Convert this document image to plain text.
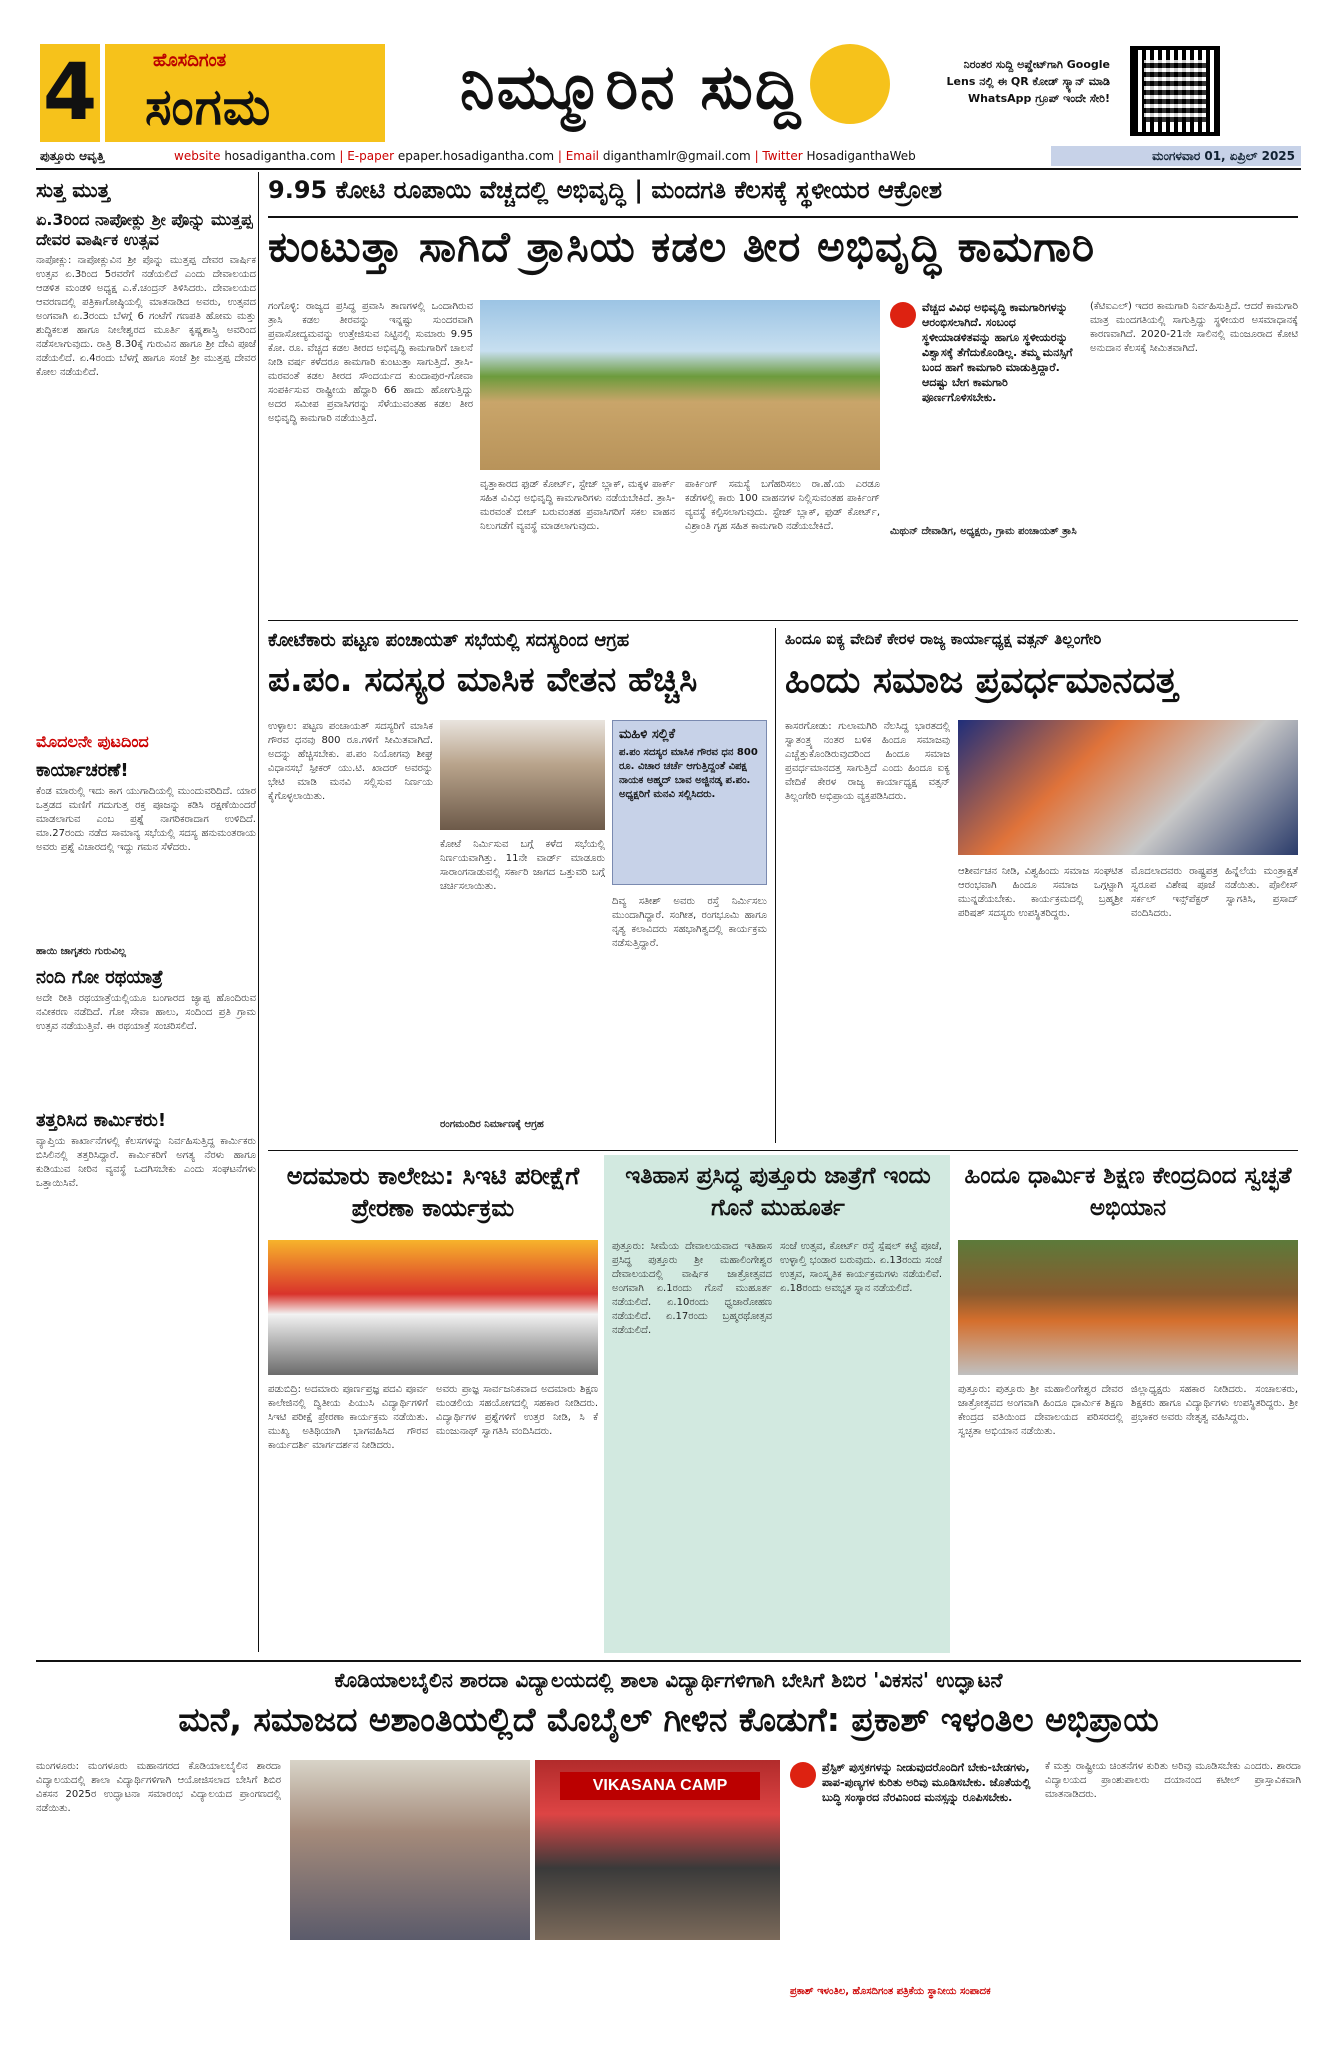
4	ಹೊಸದಿಗಂತ
ಸಂಗಮ	ನಿಮ್ಮೂರಿನ ಸುದ್ದಿ	ನಿರಂತರ ಸುದ್ದಿ ಅಪ್ಡೇಟ್‌ಗಾಗಿ Google Lens ನಲ್ಲಿ ಈ QR ಕೋಡ್ ಸ್ಕ್ಯಾನ್ ಮಾಡಿ WhatsApp ಗ್ರೂಪ್ ಇಂದೇ ಸೇರಿ!
ಪುತ್ತೂರು ಆವೃತ್ತಿ	website hosadigantha.com | E-paper epaper.hosadigantha.com | Email diganthamlr@gmail.com | Twitter HosadiganthaWeb	ಮಂಗಳವಾರ 01, ಏಪ್ರಿಲ್ 2025
ಸುತ್ತ ಮುತ್ತ
ಏ.3ರಿಂದ ನಾಪೋಕ್ಲು ಶ್ರೀ ಪೊನ್ನು ಮುತ್ತಪ್ಪ ದೇವರ ವಾರ್ಷಿಕ ಉತ್ಸವ
ನಾಪೋಕ್ಲು: ನಾಪೋಕ್ಲುವಿನ ಶ್ರೀ ಪೊನ್ನು ಮುತ್ತಪ್ಪ ದೇವರ ವಾರ್ಷಿಕ ಉತ್ಸವ ಏ.3ರಿಂದ 5ರವರೆಗೆ ನಡೆಯಲಿದೆ ಎಂದು ದೇವಾಲಯದ ಆಡಳಿತ ಮಂಡಳಿ ಅಧ್ಯಕ್ಷ ಎ.ಕೆ.ಚಂದ್ರನ್ ತಿಳಿಸಿದರು. ದೇವಾಲಯದ ಆವರಣದಲ್ಲಿ ಪತ್ರಿಕಾಗೋಷ್ಠಿಯಲ್ಲಿ ಮಾತನಾಡಿದ ಅವರು, ಉತ್ಸವದ ಅಂಗವಾಗಿ ಏ.3ರಂದು ಬೆಳಗ್ಗೆ 6 ಗಂಟೆಗೆ ಗಣಪತಿ ಹೋಮ ಮತ್ತು ಶುದ್ಧಿಕಲಶ ಹಾಗೂ ನೀಲೇಶ್ವರದ ಮೂರ್ತಿ ಕೃಷ್ಣಶಾಸ್ತ್ರಿ ಅವರಿಂದ ನಡೆಸಲಾಗುವುದು. ರಾತ್ರಿ 8.30ಕ್ಕೆ ಗುರುವಿನ ಹಾಗೂ ಶ್ರೀ ದೇವಿ ಪೂಜೆ ನಡೆಯಲಿದೆ. ಏ.4ರಂದು ಬೆಳಗ್ಗೆ ಹಾಗೂ ಸಂಜೆ ಶ್ರೀ ಮುತ್ತಪ್ಪ ದೇವರ ಕೋಲ ನಡೆಯಲಿದೆ.
ಮೊದಲನೇ ಪುಟದಿಂದ
ಕಾರ್ಯಾಚರಣೆ!
ಕೆಂಡ ಮಾರುಲ್ಲಿ ಇದು ಕಾಗ ಯುಗಾದಿಯಲ್ಲಿ ಮುಂದುವರಿದಿದೆ. ಯಾರ ಒತ್ತಡದ ಮಣಿಗೆ ಗದುಗುತ್ತ ರಕ್ತ ಪೂಜನ್ನು ಕಡಿಸಿ ರಕ್ಷಣೆಯಿಂದರೆ ಮಾಡಲಾಗುವ ಎಂಬ ಪ್ರಶ್ನೆ ನಾಗರಿಕರಾದಾಗ ಉಳಿದಿದೆ. ಮಾ.27ರಂದು ನಡೆದ ಸಾಮಾನ್ಯ ಸಭೆಯಲ್ಲಿ ಸದಸ್ಯ ಹನುಮಂತರಾಯ ಅವರು ಪ್ರಶ್ನೆ ವಿಚಾರದಲ್ಲಿ ಇದ್ದು ಗಮನ ಸೆಳೆದರು.
ಹಾಯಿ ಜಾಗೃತರು ಗುರುವಿಲ್ಲ
ನಂದಿ ಗೋ ರಥಯಾತ್ರೆ
ಅದೇ ರೀತಿ ರಥಯಾತ್ರೆಯಲ್ಲಿಯೂ ಬಂಗಾರದ ಜ್ಯಾಪ್ಪ ಹೊಂದಿರುವ ನವೀಕರಣ ನಡೆದಿದೆ. ಗೋ ಸೇವಾ ಹಾಲು, ಸಂದಿಂದ ಪ್ರತಿ ಗ್ರಾಮ ಉತ್ಸವ ನಡೆಯುತ್ತಿವೆ. ಈ ರಥಯಾತ್ರೆ ಸಂಚರಿಸಲಿದೆ.
ತತ್ತರಿಸಿದ ಕಾರ್ಮಿಕರು!
ವ್ಯಾಪ್ತಿಯ ಕಾರ್ಖಾನೆಗಳಲ್ಲಿ ಕೆಲಸಗಳನ್ನು ನಿರ್ವಹಿಸುತ್ತಿದ್ದ ಕಾರ್ಮಿಕರು ಬಿಸಿಲಿನಲ್ಲಿ ತತ್ತರಿಸಿದ್ದಾರೆ. ಕಾರ್ಮಿಕರಿಗೆ ಅಗತ್ಯ ನೆರಳು ಹಾಗೂ ಕುಡಿಯುವ ನೀರಿನ ವ್ಯವಸ್ಥೆ ಒದಗಿಸಬೇಕು ಎಂದು ಸಂಘಟನೆಗಳು ಒತ್ತಾಯಿಸಿವೆ.
9.95 ಕೋಟಿ ರೂಪಾಯಿ ವೆಚ್ಚದಲ್ಲಿ ಅಭಿವೃದ್ಧಿ | ಮಂದಗತಿ ಕೆಲಸಕ್ಕೆ ಸ್ಥಳೀಯರ ಆಕ್ರೋಶ
ಕುಂಟುತ್ತಾ ಸಾಗಿದೆ ತ್ರಾಸಿಯ ಕಡಲ ತೀರ ಅಭಿವೃದ್ಧಿ ಕಾಮಗಾರಿ
ಗಂಗೊಳ್ಳಿ: ರಾಜ್ಯದ ಪ್ರಸಿದ್ಧ ಪ್ರವಾಸಿ ತಾಣಗಳಲ್ಲಿ ಒಂದಾಗಿರುವ ತ್ರಾಸಿ ಕಡಲ ತೀರವನ್ನು ಇನ್ನಷ್ಟು ಸುಂದರವಾಗಿ ಪ್ರವಾಸೋದ್ಯಮವನ್ನು ಉತ್ತೇಜಿಸುವ ನಿಟ್ಟಿನಲ್ಲಿ ಸುಮಾರು 9.95 ಕೋ. ರೂ. ವೆಚ್ಚದ ಕಡಲ ತೀರದ ಅಭಿವೃದ್ಧಿ ಕಾಮಗಾರಿಗೆ ಚಾಲನೆ ನೀಡಿ ವರ್ಷ ಕಳೆದರೂ ಕಾಮಗಾರಿ ಕುಂಟುತ್ತಾ ಸಾಗುತ್ತಿದೆ. ತ್ರಾಸಿ-ಮರವಂತೆ ಕಡಲ ತೀರದ ಸೌಂದರ್ಯದ ಕುಂದಾಪುರ-ಗೋವಾ ಸಂಪರ್ಕಿಸುವ ರಾಷ್ಟ್ರೀಯ ಹೆದ್ದಾರಿ 66 ಹಾದು ಹೋಗುತ್ತಿದ್ದು ಅದರ ಸಮೀಪ ಪ್ರವಾಸಿಗರನ್ನು ಸೆಳೆಯುವಂತಹ ಕಡಲ ತೀರ ಅಭಿವೃದ್ಧಿ ಕಾಮಗಾರಿ ನಡೆಯುತ್ತಿದೆ.
ವೃತ್ತಾಕಾರದ ಫುಡ್ ಕೋರ್ಟ್, ಸ್ಟೇಜ್ ಬ್ಲಾಕ್, ಮಕ್ಕಳ ಪಾರ್ಕ್ ಸಹಿತ ವಿವಿಧ ಅಭಿವೃದ್ಧಿ ಕಾಮಗಾರಿಗಳು ನಡೆಯಬೇಕಿದೆ. ತ್ರಾಸಿ-ಮರವಂತೆ ಬೀಚ್ ಬರುವಂತಹ ಪ್ರವಾಸಿಗರಿಗೆ ಸಕಲ ವಾಹನ ನಿಲುಗಡೆಗೆ ವ್ಯವಸ್ಥೆ ಮಾಡಲಾಗುವುದು.
ಪಾರ್ಕಿಂಗ್ ಸಮಸ್ಯೆ ಬಗೆಹರಿಸಲು ರಾ.ಹೆ.ಯ ಎರಡೂ ಕಡೆಗಳಲ್ಲಿ ಕಾರು 100 ವಾಹನಗಳ ನಿಲ್ಲಿಸುವಂತಹ ಪಾರ್ಕಿಂಗ್ ವ್ಯವಸ್ಥೆ ಕಲ್ಪಿಸಲಾಗುವುದು. ಸ್ಟೇಜ್ ಬ್ಲಾಕ್, ಫುಡ್ ಕೋರ್ಟ್, ವಿಶ್ರಾಂತಿ ಗೃಹ ಸಹಿತ ಕಾಮಗಾರಿ ನಡೆಯಬೇಕಿದೆ.
ವೆಚ್ಚದ ವಿವಿಧ ಅಭಿವೃದ್ಧಿ ಕಾಮಗಾರಿಗಳನ್ನು ಆರಂಭಿಸಲಾಗಿದೆ. ಸಂಬಂಧ ಸ್ಥಳೀಯಾಡಳಿತವನ್ನು ಹಾಗೂ ಸ್ಥಳೀಯರನ್ನು ವಿಶ್ವಾಸಕ್ಕೆ ತೆಗೆದುಕೊಂಡಿಲ್ಲ. ತಮ್ಮ ಮನಸ್ಸಿಗೆ ಬಂದ ಹಾಗೆ ಕಾಮಗಾರಿ ಮಾಡುತ್ತಿದ್ದಾರೆ. ಆದಷ್ಟು ಬೇಗ ಕಾಮಗಾರಿ ಪೂರ್ಣಗೊಳಿಸಬೇಕು.
ಮಿಥುನ್ ದೇವಾಡಿಗ, ಅಧ್ಯಕ್ಷರು, ಗ್ರಾಮ ಪಂಚಾಯತ್ ತ್ರಾಸಿ
(ಕೆಟಿಐಎಲ್) ಇದರ ಕಾಮಗಾರಿ ನಿರ್ವಹಿಸುತ್ತಿದೆ. ಆದರೆ ಕಾಮಗಾರಿ ಮಾತ್ರ ಮಂದಗತಿಯಲ್ಲಿ ಸಾಗುತ್ತಿದ್ದು ಸ್ಥಳೀಯರ ಅಸಮಾಧಾನಕ್ಕೆ ಕಾರಣವಾಗಿದೆ. 2020-21ನೇ ಸಾಲಿನಲ್ಲಿ ಮಂಜೂರಾದ ಕೋಟಿ ಅನುದಾನ ಕೆಲಸಕ್ಕೆ ಸೀಮಿತವಾಗಿದೆ.
ಕೋಟೆಕಾರು ಪಟ್ಟಣ ಪಂಚಾಯತ್ ಸಭೆಯಲ್ಲಿ ಸದಸ್ಯರಿಂದ ಆಗ್ರಹ
ಪ.ಪಂ. ಸದಸ್ಯರ ಮಾಸಿಕ ವೇತನ ಹೆಚ್ಚಿಸಿ
ಉಳ್ಳಾಲ: ಪಟ್ಟಣ ಪಂಚಾಯತ್ ಸದಸ್ಯರಿಗೆ ಮಾಸಿಕ ಗೌರವ ಧನವು 800 ರೂ.ಗಳಿಗೆ ಸೀಮಿತವಾಗಿದೆ. ಅದನ್ನು ಹೆಚ್ಚಿಸಬೇಕು. ಪ.ಪಂ ನಿಯೋಗವು ಶೀಘ್ರ ವಿಧಾನಸಭೆ ಸ್ಪೀಕರ್ ಯು.ಟಿ. ಖಾದರ್ ಅವರನ್ನು ಭೇಟಿ ಮಾಡಿ ಮನವಿ ಸಲ್ಲಿಸುವ ನಿರ್ಣಯ ಕೈಗೊಳ್ಳಲಾಯಿತು.
ಕೋಟೆ ನಿರ್ಮಿಸುವ ಬಗ್ಗೆ ಕಳೆದ ಸಭೆಯಲ್ಲಿ ನಿರ್ಣಯವಾಗಿತ್ತು. 11ನೇ ವಾರ್ಡ್ ಮಾಡೂರು ಸಾರಾಂಗನಾಡುವಲ್ಲಿ ಸರ್ಕಾರಿ ಜಾಗದ ಒತ್ತುವರಿ ಬಗ್ಗೆ ಚರ್ಚಿಸಲಾಯಿತು.
ರಂಗಮಂದಿರ ನಿರ್ಮಾಣಕ್ಕೆ ಆಗ್ರಹ
ಮಹಿಳಿ ಸಲ್ಲಿಕೆ
ಪ.ಪಂ ಸದಸ್ಯರ ಮಾಸಿಕ ಗೌರವ ಧನ 800 ರೂ. ವಿಚಾರ ಚರ್ಚೆ ಆಗುತ್ತಿದ್ದಂತೆ ವಿಪಕ್ಷ ನಾಯಕ ಅಹ್ಮದ್ ಬಾವ ಅಜ್ಜಿನಡ್ಕ ಪ.ಪಂ. ಅಧ್ಯಕ್ಷರಿಗೆ ಮನವಿ ಸಲ್ಲಿಸಿದರು.
ದಿವ್ಯ ಸತೀಶ್ ಅವರು ರಸ್ತೆ ನಿರ್ಮಿಸಲು ಮುಂದಾಗಿದ್ದಾರೆ. ಸಂಗೀತ, ರಂಗಭೂಮಿ ಹಾಗೂ ನೃತ್ಯ ಕಲಾವಿದರು ಸಹಭಾಗಿತ್ವದಲ್ಲಿ ಕಾರ್ಯಕ್ರಮ ನಡೆಸುತ್ತಿದ್ದಾರೆ.
ಹಿಂದೂ ಐಕ್ಯ ವೇದಿಕೆ ಕೇರಳ ರಾಜ್ಯ ಕಾರ್ಯಾಧ್ಯಕ್ಷ ವತ್ಸನ್ ತಿಲ್ಲಂಗೇರಿ
ಹಿಂದು ಸಮಾಜ ಪ್ರವರ್ಧಮಾನದತ್ತ
ಕಾಸರಗೋಡು: ಗುಲಾಮಗಿರಿ ನೆಲಸಿದ್ದ ಭಾರತದಲ್ಲಿ ಸ್ವಾತಂತ್ರ್ಯ ನಂತರ ಬಳಿಕ ಹಿಂದೂ ಸಮಾಜವು ಎಚ್ಚೆತ್ತುಕೊಂಡಿರುವುದರಿಂದ ಹಿಂದೂ ಸಮಾಜ ಪ್ರವರ್ಧಮಾನದತ್ತ ಸಾಗುತ್ತಿದೆ ಎಂದು ಹಿಂದೂ ಐಕ್ಯ ವೇದಿಕೆ ಕೇರಳ ರಾಜ್ಯ ಕಾರ್ಯಾಧ್ಯಕ್ಷ ವತ್ಸನ್ ತಿಲ್ಲಂಗೇರಿ ಅಭಿಪ್ರಾಯ ವ್ಯಕ್ತಪಡಿಸಿದರು.
ಆಶೀರ್ವಚನ ನೀಡಿ, ವಿಶ್ವಹಿಂದು ಸಮಾಜ ಸಂಘಟಿತ ಆರಂಭವಾಗಿ ಹಿಂದೂ ಸಮಾಜ ಒಗ್ಗಟ್ಟಾಗಿ ಮುನ್ನಡೆಯಬೇಕು. ಕಾರ್ಯಕ್ರಮದಲ್ಲಿ ಬ್ರಹ್ಮಶ್ರೀ ಪರಿಷತ್ ಸದಸ್ಯರು ಉಪಸ್ಥಿತರಿದ್ದರು.
ಮೊದಲಾದವರು ರಾಷ್ಟ್ರಪತ್ರ ಹಿನ್ನೆಲೆಯ ಮಂತ್ರಾಕ್ಷತೆ ಸ್ವರೂಪ ವಿಶೇಷ ಪೂಜೆ ನಡೆಯಿತು. ಪೊಲೀಸ್ ಸರ್ಕಲ್ ಇನ್ಸ್‌ಪೆಕ್ಟರ್ ಸ್ವಾಗತಿಸಿ, ಪ್ರಸಾದ್ ವಂದಿಸಿದರು.
ಅದಮಾರು ಕಾಲೇಜು: ಸಿಇಟಿ ಪರೀಕ್ಷೆಗೆ ಪ್ರೇರಣಾ ಕಾರ್ಯಕ್ರಮ
ಪಡುಬಿದ್ರಿ: ಅದಮಾರು ಪೂರ್ಣಪ್ರಜ್ಞ ಪದವಿ ಪೂರ್ವ ಕಾಲೇಜಿನಲ್ಲಿ ದ್ವಿತೀಯ ಪಿಯುಸಿ ವಿದ್ಯಾರ್ಥಿಗಳಿಗೆ ಸಿಇಟಿ ಪರೀಕ್ಷೆ ಪ್ರೇರಣಾ ಕಾರ್ಯಕ್ರಮ ನಡೆಯಿತು. ಮುಖ್ಯ ಅತಿಥಿಯಾಗಿ ಭಾಗವಹಿಸಿದ ಗೌರವ ಕಾರ್ಯದರ್ಶಿ ಮಾರ್ಗದರ್ಶನ ನೀಡಿದರು.
ಅವರು ಪ್ರಾಜ್ಞ ಸಾರ್ವಜನಿಕವಾದ ಅದಮಾರು ಶಿಕ್ಷಣ ಮಂಡಲಿಯ ಸಹಯೋಗದಲ್ಲಿ ಸಹಕಾರ ನೀಡಿದರು. ವಿದ್ಯಾರ್ಥಿಗಳ ಪ್ರಶ್ನೆಗಳಿಗೆ ಉತ್ತರ ನೀಡಿ, ಸಿ ಕೆ ಮಂಜುನಾಥ್ ಸ್ವಾಗತಿಸಿ ವಂದಿಸಿದರು.
ಇತಿಹಾಸ ಪ್ರಸಿದ್ಧ ಪುತ್ತೂರು ಜಾತ್ರೆಗೆ ಇಂದು ಗೊನೆ ಮುಹೂರ್ತ
ಪುತ್ತೂರು: ಸೀಮೆಯ ದೇವಾಲಯವಾದ ಇತಿಹಾಸ ಪ್ರಸಿದ್ಧ ಪುತ್ತೂರು ಶ್ರೀ ಮಹಾಲಿಂಗೇಶ್ವರ ದೇವಾಲಯದಲ್ಲಿ ವಾರ್ಷಿಕ ಜಾತ್ರೋತ್ಸವದ ಅಂಗವಾಗಿ ಏ.1ರಂದು ಗೊನೆ ಮುಹೂರ್ತ ನಡೆಯಲಿದೆ. ಏ.10ರಂದು ಧ್ವಜಾರೋಹಣ ನಡೆಯಲಿದೆ. ಏ.17ರಂದು ಬ್ರಹ್ಮರಥೋತ್ಸವ ನಡೆಯಲಿದೆ.
ಸಂಜೆ ಉತ್ಸವ, ಕೋರ್ಟ್ ರಸ್ತೆ ಸ್ಪೆಷಲ್ ಕಟ್ಟೆ ಪೂಜೆ, ಉಳ್ಳಾಲ್ತಿ ಭಂಡಾರ ಬರುವುದು. ಏ.13ರಂದು ಸಂಜೆ ಉತ್ಸವ, ಸಾಂಸ್ಕೃತಿಕ ಕಾರ್ಯಕ್ರಮಗಳು ನಡೆಯಲಿವೆ. ಏ.18ರಂದು ಅವಭೃತ ಸ್ನಾನ ನಡೆಯಲಿದೆ.
ಹಿಂದೂ ಧಾರ್ಮಿಕ ಶಿಕ್ಷಣ ಕೇಂದ್ರದಿಂದ ಸ್ವಚ್ಛತೆ ಅಭಿಯಾನ
ಪುತ್ತೂರು: ಪುತ್ತೂರು ಶ್ರೀ ಮಹಾಲಿಂಗೇಶ್ವರ ದೇವರ ಜಾತ್ರೋತ್ಸವದ ಅಂಗವಾಗಿ ಹಿಂದೂ ಧಾರ್ಮಿಕ ಶಿಕ್ಷಣ ಕೇಂದ್ರದ ವತಿಯಿಂದ ದೇವಾಲಯದ ಪರಿಸರದಲ್ಲಿ ಸ್ವಚ್ಛತಾ ಅಭಿಯಾನ ನಡೆಯಿತು.
ಜಿಲ್ಲಾಧ್ಯಕ್ಷರು ಸಹಕಾರ ನೀಡಿದರು. ಸಂಚಾಲಕರು, ಶಿಕ್ಷಕರು ಹಾಗೂ ವಿದ್ಯಾರ್ಥಿಗಳು ಉಪಸ್ಥಿತರಿದ್ದರು. ಶ್ರೀ ಪ್ರಭಾಕರ ಅವರು ನೇತೃತ್ವ ವಹಿಸಿದ್ದರು.
ಕೊಡಿಯಾಲಬೈಲಿನ ಶಾರದಾ ವಿದ್ಯಾಲಯದಲ್ಲಿ ಶಾಲಾ ವಿದ್ಯಾರ್ಥಿಗಳಿಗಾಗಿ ಬೇಸಿಗೆ ಶಿಬಿರ 'ವಿಕಸನ' ಉದ್ಘಾಟನೆ
ಮನೆ, ಸಮಾಜದ ಅಶಾಂತಿಯಲ್ಲಿದೆ ಮೊಬೈಲ್ ಗೀಳಿನ ಕೊಡುಗೆ: ಪ್ರಕಾಶ್ ಇಳಂತಿಲ ಅಭಿಪ್ರಾಯ
ಮಂಗಳೂರು: ಮಂಗಳೂರು ಮಹಾನಗರದ ಕೊಡಿಯಾಲಬೈಲಿನ ಶಾರದಾ ವಿದ್ಯಾಲಯದಲ್ಲಿ ಶಾಲಾ ವಿದ್ಯಾರ್ಥಿಗಳಿಗಾಗಿ ಆಯೋಜಿಸಲಾದ ಬೇಸಿಗೆ ಶಿಬಿರ ವಿಕಸನ 2025ರ ಉದ್ಘಾಟನಾ ಸಮಾರಂಭ ವಿದ್ಯಾಲಯದ ಪ್ರಾಂಗಣದಲ್ಲಿ ನಡೆಯಿತು.
VIKASANA CAMP
ಪ್ರೆಸ್ಟಿಕ್ ಪುಸ್ತಕಗಳನ್ನು ನೀಡುವುದರೊಂದಿಗೆ ಬೇಕು-ಬೇಡಗಳು, ಪಾಪ-ಪುಣ್ಯಗಳ ಕುರಿತು ಅರಿವು ಮೂಡಿಸಬೇಕು. ಜೊತೆಯಲ್ಲಿ ಬುದ್ಧಿ ಸಂಸ್ಕಾರದ ನೆರವಿನಿಂದ ಮನಸ್ಸನ್ನು ರೂಪಿಸಬೇಕು.
ಪ್ರಕಾಶ್ ಇಳಂತಿಲ, ಹೊಸದಿಗಂತ ಪತ್ರಿಕೆಯ ಸ್ಥಾನೀಯ ಸಂಪಾದಕ
ಕೆ ಮತ್ತು ರಾಷ್ಟ್ರೀಯ ಚಿಂತನೆಗಳ ಕುರಿತು ಅರಿವು ಮೂಡಿಸಬೇಕು ಎಂದರು. ಶಾರದಾ ವಿದ್ಯಾಲಯದ ಪ್ರಾಂಶುಪಾಲರು ದಯಾನಂದ ಕಟೀಲ್ ಪ್ರಾಸ್ತಾವಿಕವಾಗಿ ಮಾತನಾಡಿದರು.
